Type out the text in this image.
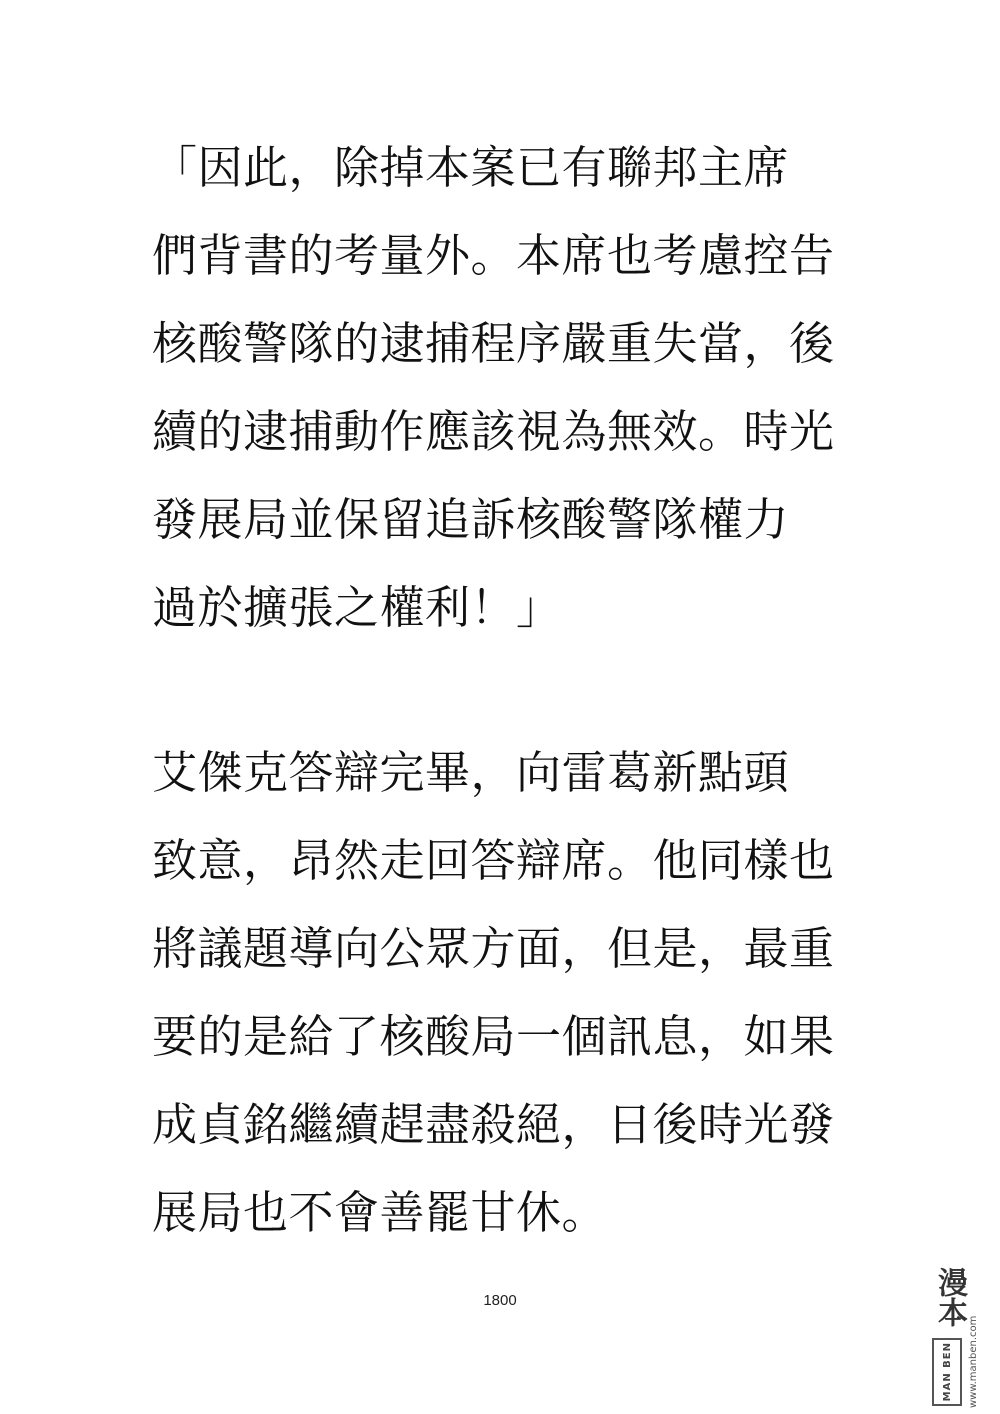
「因此，除掉本案已有聯邦主席
們背書的考量外。本席也考慮控告
核酸警隊的逮捕程序嚴重失當，後
續的逮捕動作應該視為無效。時光
發展局並保留追訴核酸警隊權力
過於擴張之權利！」
艾傑克答辯完畢，向雷葛新點頭
致意，昂然走回答辯席。他同樣也
將議題導向公眾方面，但是，最重
要的是給了核酸局一個訊息，如果
成貞銘繼續趕盡殺絕，日後時光發
展局也不會善罷甘休。
1800	漫本
MAN BEN www.manben.com
